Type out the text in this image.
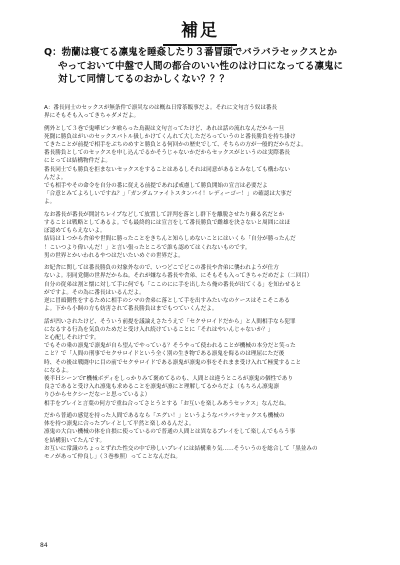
補足
Q：勃蘭は寝てる凛鬼を睡姦したり３番冒頭でバラバラセックスとか
やっておいて中盤で人間の都合のいい性のはけ口になってる凛鬼に
対して同情してるのおかしくない？？？
A：番長同士のセックスが無条件で凛災なのは概ね日常茶飯事だよ。それに文句言う奴は番長
界にそもそも入ってきちゃダメだよ。
例外として３巻で鬼嘩ピンタ喰らった鳥親は文句言ってたけど、あれは話の流れなんだから一旦
死闘に勝負はがいのセックスバトル扱しかけてくんれて大しただろっていうのと番長勝負を持ち掛け
てきたことが前提で相手をぶちのめすと勝負とる何回かの歴史でして、そちらの方が一般的だからだよ。
番長勝負としてのセックスを申し込んでるかそうじゃないかだからセックスがというのは実際番長
にとっては結構物件だよ。
番長同士でも勝負を拒まないセックスをすることはあるしそれは同意があるとみなしても構わない
んだよ。
でも相手やその命令を自分の番に従える前提であれば戒慮して勝負開始の宣言は必要だよ
「合意とみてよろしいですね？」「ガンダムファイトスタンバイ！レディーゴー！」の確認は大事だ
よ。
なお番長が番長が開討ちレイプなどして放置して評判を落とし群下を離脱させたり蘇る名だとか
することは戦略としてあるよ。でも最終的には宣言をして番長勝負で雌雄を決さないと周囲にはほ
ぼ認めてもらえないよ。
結局は１つから舎弟や世間に勝ったことをきちんと知らしめないことにはいくら「自分が勝ったんだ
！こいつより偉いんだ！」と言い張ったところで誰も認めてはくれないものです。
男の世界とかいわれるやつはだいたいめぐの世界だよ。
お妃舎に関しては番長勝負の対象外なので、いつどこでどこの番長や舎弟に襲われようが仕方
ないよ。羽同党側の世界だからね。それが嫌なら番長や舎弟、にそもそも入ってきちゃだめだよ（二回目）
自分の従弟は割と懐に対して手に何でも「ここのにに手を出したら俺の番長が出てくる」を知わせると
がですよ。その為に番長はいるんだよ。
逆に冒頭側性をするために相手のシマの舎弟に落として手を出すみたいなのケースはそこそこある
よ。下から小飼の方も妨害されて番長勝負はまでもつていくんだよ。
話が凹いされたけど、そういう前提を議論えさたうえで「セクサロイドだから」と人間相手なら犯罪
になるする行為を気負のためだと受け入れ続けていることに「それはやいんじゃないか？」
と心配しそれけです。
でもその乗の凛鬼で凛鬼が自ら望んでやっている？そうやって使われることが機械の本分だと笑った
こと？で「人間の刑事でセクサロイドという全く別の生き物である凛鬼を侮るのは理屈にただ後
時、その後は戦闘中に目の前でセクサロイドである凛鬼が凛鬼の事をそれまま受け入れて極愛すること
になるよ。
後半ＨシーンでГ機械ボディをしっかりみて褒めてるのも、人間とは違うところが凛鬼の個性であり
良さであると受け入れ凛鬼も求めることを凛鬼が凛にと理解してるからだよ（もちろん凛鬼凛
りひからセクシーだなーと思っているよ）
相手をプレイと言葉の何方で重ね合ってさとうとする「お互いを楽しみあうセックス」なんだね。
だから普通の感覚を持った人間であるなら「エグい！」というようなバラバラセックスも機械の
体を持つ凛鬼に合ったプレイとして平然と楽しめるんだよ。
凛鬼の大白い機械の体を自損に使っているので普通の人間とは異なるプレイをして楽しんでもらう事
を結構狙いてたんです。
お互いに常識のちょっとずれた性交の中で珍しいプレイには結構乗り気……そういうのを総合して「黒並みの
モノがあって仲良し」（３巻参照）ってことなんだね。
84
